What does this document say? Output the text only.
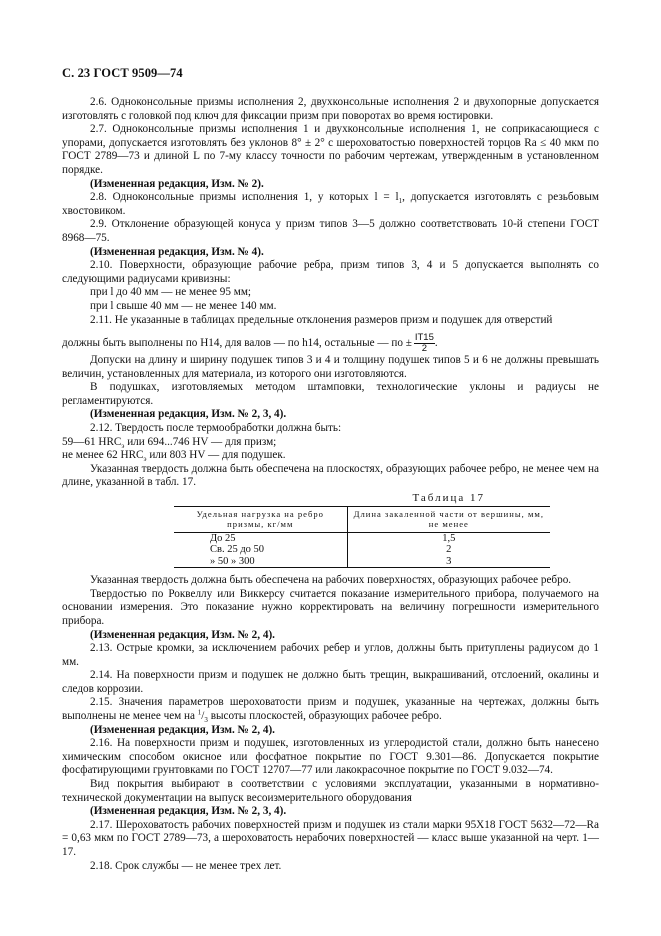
С. 23 ГОСТ 9509—74

2.6. Одноконсольные призмы исполнения 2, двухконсольные исполнения 2 и двухопорные допускается изготовлять с головкой под ключ для фиксации призм при поворотах во время юстировки.

2.7. Одноконсольные призмы исполнения 1 и двухконсольные исполнения 1, не соприкасающиеся с упорами, допускается изготовлять без уклонов 8° ± 2° с шероховатостью поверхностей торцов Ra ≤ 40 мкм по ГОСТ 2789—73 и длиной L по 7-му классу точности по рабочим чертежам, утвержденным в установленном порядке.

(Измененная редакция, Изм. № 2).

2.8. Одноконсольные призмы исполнения 1, у которых $l = l_1$, допускается изготовлять с резьбовым хвостовиком.

2.9. Отклонение образующей конуса у призм типов 3—5 должно соответствовать 10-й степени ГОСТ 8968—75.

(Измененная редакция, Изм. № 4).

2.10. Поверхности, образующие рабочие ребра, призм типов 3, 4 и 5 допускается выполнять со следующими радиусами кривизны:

при l до 40 мм — не менее 95 мм;

при l свыше 40 мм — не менее 140 мм.

2.11. Не указанные в таблицах предельные отклонения размеров призм и подушек для отверстий

должны быть выполнены по Н14, для валов — по h14, остальные — по ± $\frac{IT15}{2}$ .

Допуски на длину и ширину подушек типов 3 и 4 и толщину подушек типов 5 и 6 не должны превышать величин, установленных для материала, из которого они изготовляются.

В подушках, изготовляемых методом штамповки, технологические уклоны и радиусы не регламентируются.

(Измененная редакция, Изм. № 2, 3, 4).

2.12. Твердость после термообработки должна быть:

59—61 $HRC_э$ или 694...746 HV — для призм;

не менее 62 $HRC_э$ или 803 HV — для подушек.

Указанная твердость должна быть обеспечена на плоскостях, образующих рабочее ребро, не менее чем на длине, указанной в табл. 17.

Таблица 17
Удельная нагрузка на ребро призмы, кг/мм	Длина закаленной части от вершины, мм, не менее
До 25	1,5
Св. 25 до 50	2
» 50 » 300	3

Указанная твердость должна быть обеспечена на рабочих поверхностях, образующих рабочее ребро.

Твердостью по Роквеллу или Виккерсу считается показание измерительного прибора, получаемого на основании измерения. Это показание нужно корректировать на величину погрешности измерительного прибора.

(Измененная редакция, Изм. № 2, 4).

2.13. Острые кромки, за исключением рабочих ребер и углов, должны быть притуплены радиусом до 1 мм.

2.14. На поверхности призм и подушек не должно быть трещин, выкрашиваний, отслоений, окалины и следов коррозии.

2.15. Значения параметров шероховатости призм и подушек, указанные на чертежах, должны быть выполнены не менее чем на $^1/_3$ высоты плоскостей, образующих рабочее ребро.

(Измененная редакция, Изм. № 2, 4).

2.16. На поверхности призм и подушек, изготовленных из углеродистой стали, должно быть нанесено химическим способом окисное или фосфатное покрытие по ГОСТ 9.301—86. Допускается покрытие фосфатирующими грунтовками по ГОСТ 12707—77 или лакокрасочное покрытие по ГОСТ 9.032—74.

Вид покрытия выбирают в соответствии с условиями эксплуатации, указанными в нормативно-технической документации на выпуск весоизмерительного оборудования

(Измененная редакция, Изм. № 2, 3, 4).

2.17. Шероховатость рабочих поверхностей призм и подушек из стали марки 95Х18 ГОСТ 5632—72—Ra = 0,63 мкм по ГОСТ 2789—73, а шероховатость нерабочих поверхностей — класс выше указанной на черт. 1—17.

2.18. Срок службы — не менее трех лет.
